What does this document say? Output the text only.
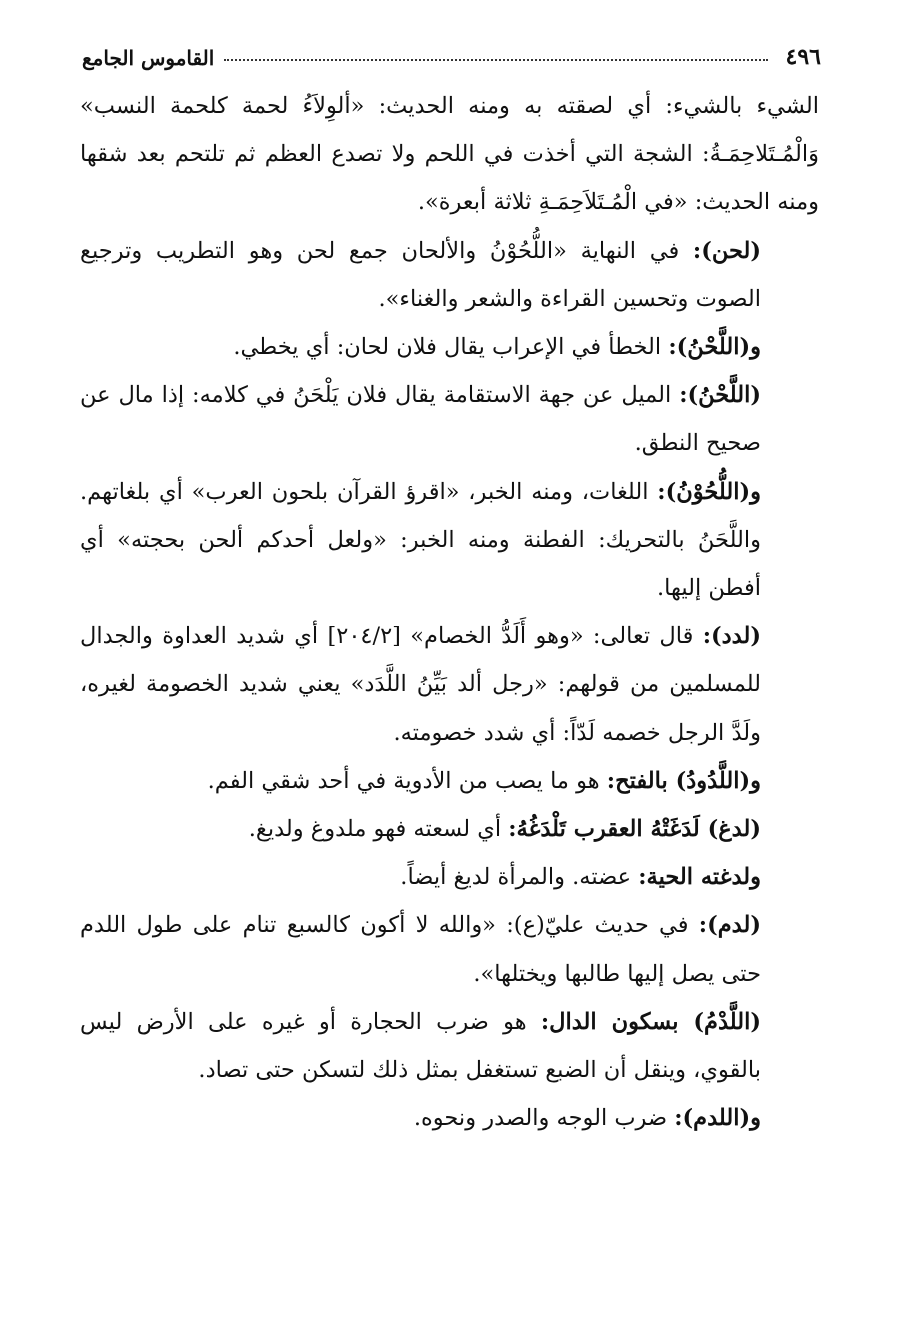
٤٩٦
القاموس الجامع

الشيء بالشيء: أي لصقته به ومنه الحديث: «ألوِلاَءُ لحمة كلحمة النسب» وَالْمُـتَلاحِمَـةُ: الشجة التي أخذت في اللحم ولا تصدع العظم ثم تلتحم بعد شقها ومنه الحديث: «في الْمُـتَلاَحِمَـةِ ثلاثة أبعرة».

(لحن): في النهاية «اللُّحُوْنُ والألحان جمع لحن وهو التطريب وترجيع الصوت وتحسين القراءة والشعر والغناء».

و(اللَّحْنُ): الخطأ في الإعراب يقال فلان لحان: أي يخطي.

(اللَّحْنُ): الميل عن جهة الاستقامة يقال فلان يَلْحَنُ في كلامه: إذا مال عن صحيح النطق.

و(اللُّحُوْنُ): اللغات، ومنه الخبر، «اقرؤ القرآن بلحون العرب» أي بلغاتهم. واللَّحَنُ بالتحريك: الفطنة ومنه الخبر: «ولعل أحدكم ألحن بحجته» أي أفطن إليها.

(لدد): قال تعالى: «وهو أَلَدُّ الخصام» [٢٠٤/٢] أي شديد العداوة والجدال للمسلمين من قولهم: «رجل ألد بَيِّنُ اللَّدَد» يعني شديد الخصومة لغيره، ولَدَّ الرجل خصمه لَدّاً: أي شدد خصومته.

و(اللَّدُودُ) بالفتح: هو ما يصب من الأدوية في أحد شقي الفم.

(لدغ) لَدَغَتْهُ العقرب تَلْدَغُهُ: أي لسعته فهو ملدوغ ولديغ.

ولدغته الحية: عضته. والمرأة لديغ أيضاً.

(لدم): في حديث عليّ(ع): «والله لا أكون كالسبع تنام على طول اللدم حتى يصل إليها طالبها ويختلها».

(اللَّدْمُ) بسكون الدال: هو ضرب الحجارة أو غيره على الأرض ليس بالقوي، وينقل أن الضبع تستغفل بمثل ذلك لتسكن حتى تصاد.

و(اللدم): ضرب الوجه والصدر ونحوه.
